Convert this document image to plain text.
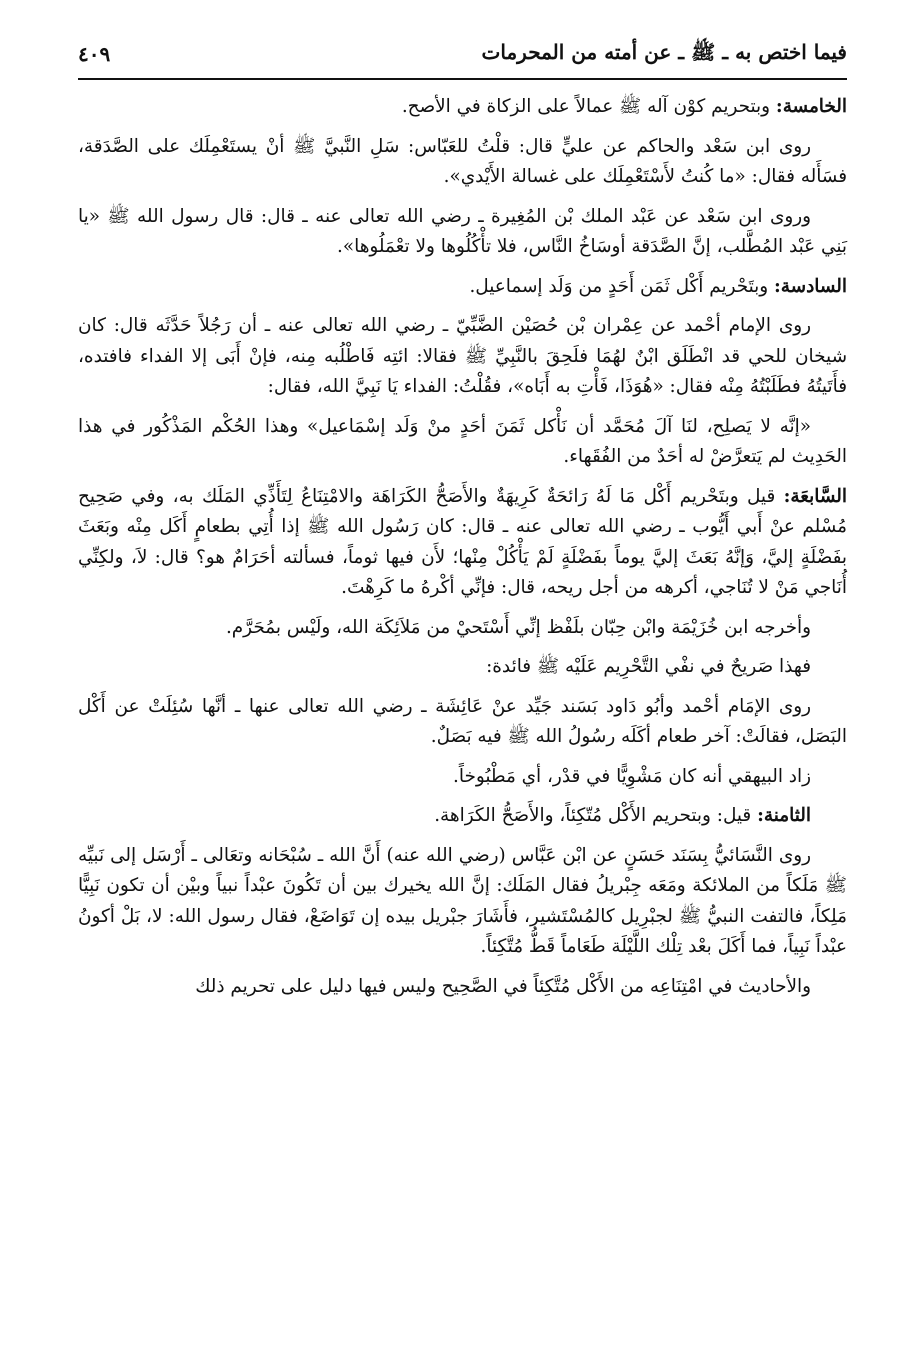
فيما اختص به ـ ﷺ ـ عن أمته من المحرمات
٤٠٩

الخامسة: وبتحريم كوْن آله ﷺ عمالاً على الزكاة في الأصح.

روى ابن سَعْد والحاكم عن عليٍّ قال: قلْتُ للعَبّاس: سَلِ النَّبيَّ ﷺ أنْ يستَعْمِلَك على الصَّدَقة، فسَأَله فقال: «ما كُنتُ لأَسْتَعْمِلَك على غسالة الأَيْدي».

وروى ابن سَعْد عن عَبْد الملك بْن المُغِيرة ـ رضي الله تعالى عنه ـ قال: قال رسول الله ﷺ «يا بَنِي عَبْد المُطَّلب، إنَّ الصَّدَقة أوسَاخُ النَّاس، فلا تأْكُلُوها ولا تعْمَلُوها».

السادسة: وبتَحْريم أَكْل ثَمَن أَحَدٍ من وَلَد إسماعيل.

روى الإمام أحْمد عن عِمْران بْن حُصَيْن الضَّبِّيّ ـ رضي الله تعالى عنه ـ أن رَجُلاً حَدَّثَه قال: كان شيخان للحي قد انْطَلَق ابْنٌ لهُمَا فلَحِقَ بالنَّبِيِّ ﷺ فقالا: ائتِه فَاطْلُبه مِنه، فإنْ أَبَى إلا الفداء فافتده، فأَتَيتُهُ فطَلَبْتُهُ مِنْه فقال: «هُوَذَا، فَأْتِ به أَبَاه»، فقُلْتُ: الفداء يَا نَبِيَّ الله، فقال:

«إنَّه لا يَصلِح، لنَا آلَ مُحَمَّد أن نَأْكل ثَمَنَ أحَدٍ منْ وَلَد إسْمَاعيل» وهذا الحُكْم المَذْكُور في هذا الحَدِيث لم يَتعرَّضْ له أحَدٌ من الفُقَهاء.

السَّابعَة: قيل وبتَحْريم أَكْل مَا لَهُ رَائحَةٌ كَرِيهَةٌ والأَصَحُّ الكَرَاهَة والامْتِنَاعُ لِتَأَذِّي المَلَك به، وفي صَحِيح مُسْلم عنْ أَبي أَيُّوب ـ رضي الله تعالى عنه ـ قال: كان رَسُول الله ﷺ إذا أُتِي بطعامٍ أَكَل مِنْه وبَعَثَ بفَضْلَةٍ إليَّ، وَإنَّهُ بَعَثَ إليَّ يوماً بفَضْلَةٍ لَمْ يَأْكُلْ مِنْها؛ لأَن فيها ثوماً، فسألته أحَرَامٌ هو؟ قال: لاَ، ولكِنِّي أُنَاجي مَنْ لا تُنَاجي، أكرهه من أجل ريحه، قال: فإنِّي أكْرهُ ما كَرِهْتَ.

وأخرجه ابن خُزَيْمَة وابْن حِبّان بلَفْظ إنِّي أَسْتَحيْ من مَلاَئِكَة الله، ولَيْس بمُحَرَّم.

فهذا صَريحٌ في نفْي التَّحْرِيم عَلَيْه ﷺ فائدة:

روى الإمَام أحْمد وأبُو دَاود بَسَند جَيِّد عنْ عَائِشَة ـ رضي الله تعالى عنها ـ أنَّها سُئِلَتْ عن أَكْل البَصَل، فقالَتْ: آخر طعام أكَلَه رسُولُ الله ﷺ فيه بَصَلٌ.

زاد البيهقي أنه كان مَشْوِيًّا في قدْر، أي مَطْبُوخاً.

الثامنة: قيل: وبتحريم الأَكْل مُتّكِئاً، والأَصَحُّ الكَرَاهة.

روى النَّسَائيُّ بِسَنَد حَسَنٍ عن ابْن عَبَّاس (رضي الله عنه) أَنَّ الله ـ سُبْحَانه وتعَالى ـ أَرْسَل إلى نَبيِّه ﷺ مَلَكاً من الملائكة ومَعَه جِبْريلُ فقال المَلَك: إنَّ الله يخيرك بين أن تَكُونَ عبْداً نبياً وبيْن أن تكون نَبِيًّا مَلِكاً، فالتفت النبيُّ ﷺ لجبْرِيل كالمُسْتَشير، فأَشَارَ جبْريل بيده إن تَوَاضَعْ، فقال رسول الله: لا، بَلْ أكونُ عبْداً نَبِياً، فما أَكَلَ بعْد تِلْك اللَّيْلَة طَعَاماً قَطُّ مُتَّكِئاً.

والأحاديث في امْتِنَاعِه من الأَكْل مُتَّكِئاً في الصَّحِيح وليس فيها دليل على تحريم ذلك
